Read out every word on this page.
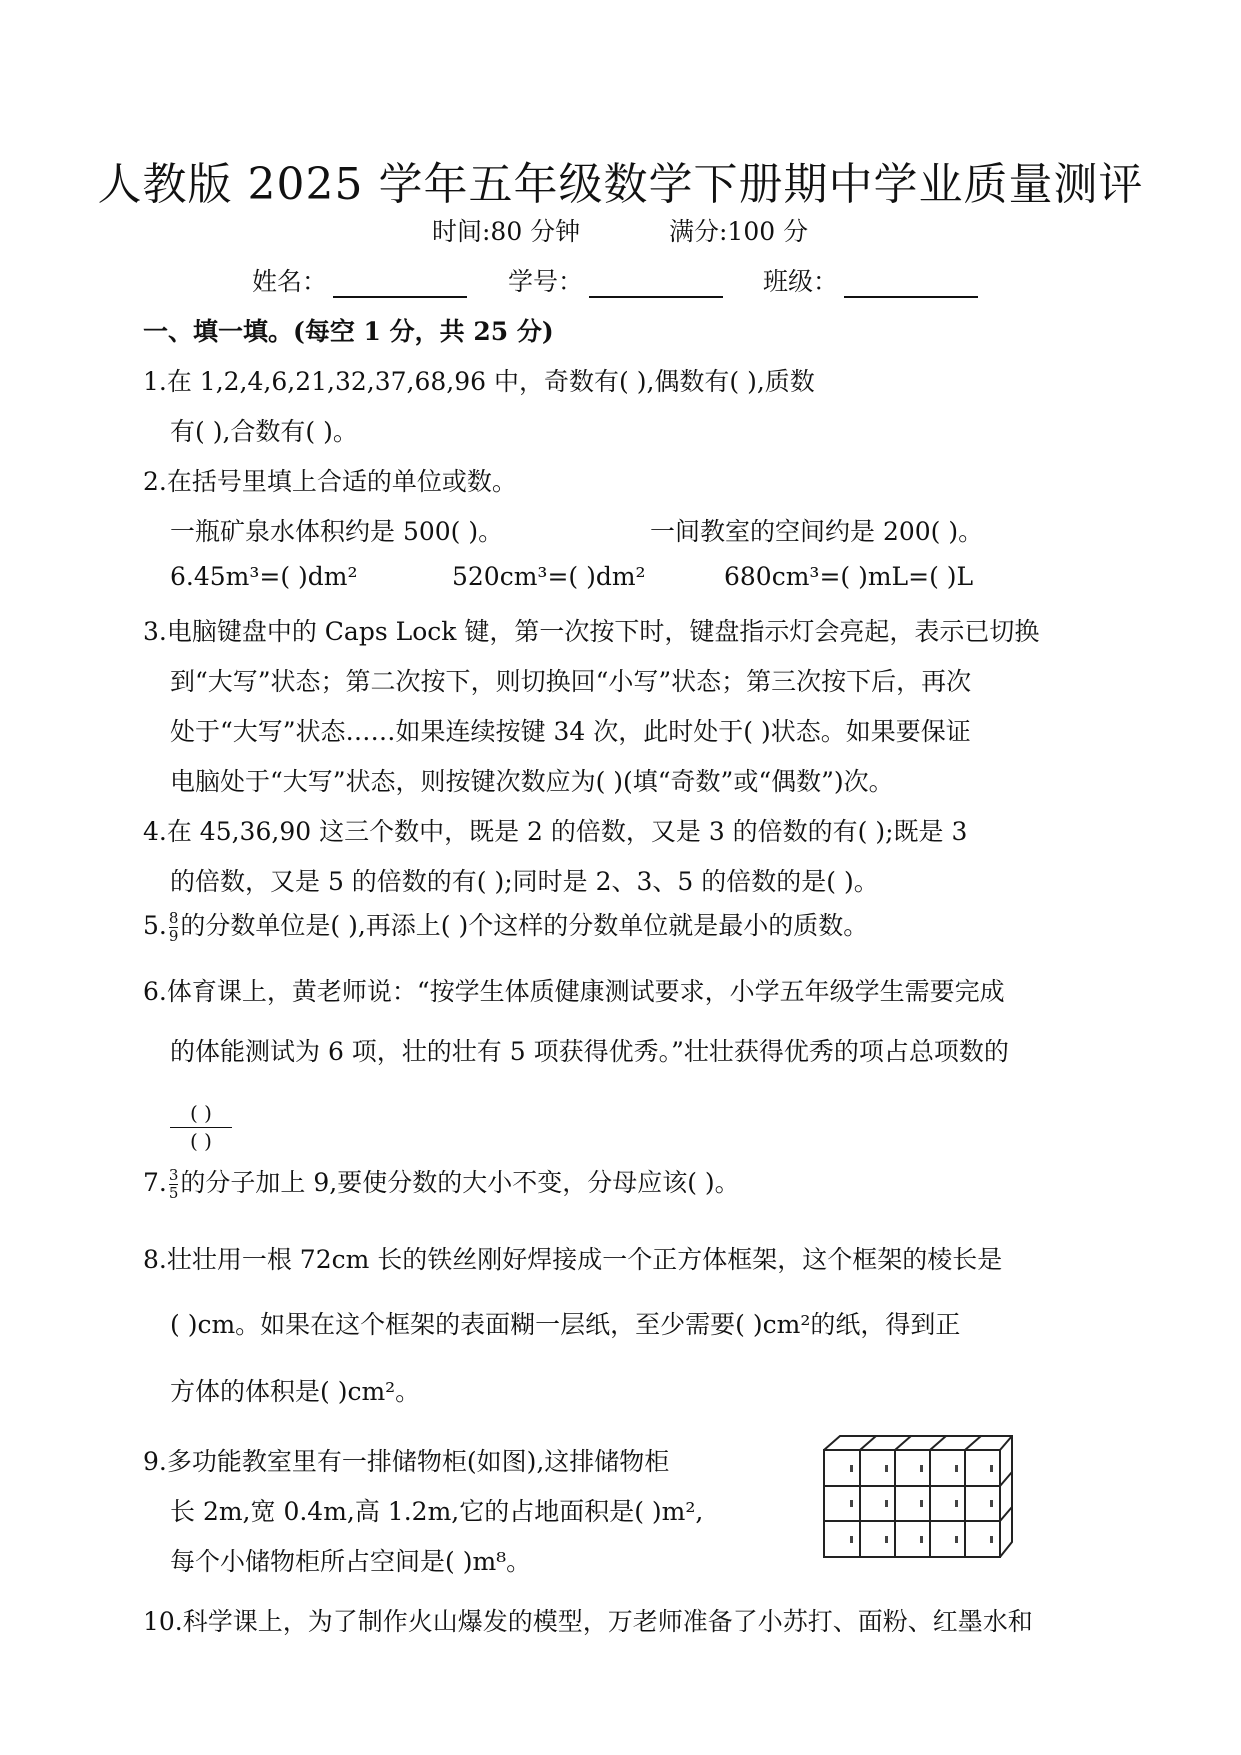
人教版 2025 学年五年级数学下册期中学业质量测评
时间:80 分钟	满分:100 分
姓名：	学号：	班级：
一、填一填。(每空 1 分，共 25 分)
1.在 1,2,4,6,21,32,37,68,96 中，奇数有( ),偶数有( ),质数
有( ),合数有( )。
2.在括号里填上合适的单位或数。
一瓶矿泉水体积约是 500( )。	一间教室的空间约是 200( )。
6.45m³=( )dm²	520cm³=( )dm²	680cm³=( )mL=( )L
3.电脑键盘中的 Caps Lock 键，第一次按下时，键盘指示灯会亮起，表示已切换
到“大写”状态；第二次按下，则切换回“小写”状态；第三次按下后，再次
处于“大写”状态……如果连续按键 34 次，此时处于( )状态。如果要保证
电脑处于“大写”状态，则按键次数应为( )(填“奇数”或“偶数”)次。
4.在 45,36,90 这三个数中，既是 2 的倍数，又是 3 的倍数的有( );既是 3
的倍数，又是 5 的倍数的有( );同时是 2、3、5 的倍数的是( )。
5. $\frac{8}{9}$ 的分数单位是( ),再添上( )个这样的分数单位就是最小的质数。
6.体育课上，黄老师说：“按学生体质健康测试要求，小学五年级学生需要完成
的体能测试为 6 项，壮的壮有 5 项获得优秀。”壮壮获得优秀的项占总项数的
( )
( )
7. $\frac{3}{5}$ 的分子加上 9,要使分数的大小不变，分母应该( )。
8.壮壮用一根 72cm 长的铁丝刚好焊接成一个正方体框架，这个框架的棱长是
( )cm。如果在这个框架的表面糊一层纸，至少需要( )cm²的纸，得到正
方体的体积是( )cm²。
9.多功能教室里有一排储物柜(如图),这排储物柜
长 2m,宽 0.4m,高 1.2m,它的占地面积是( )m²,
每个小储物柜所占空间是( )m⁸。
10.科学课上，为了制作火山爆发的模型，万老师准备了小苏打、面粉、红墨水和
